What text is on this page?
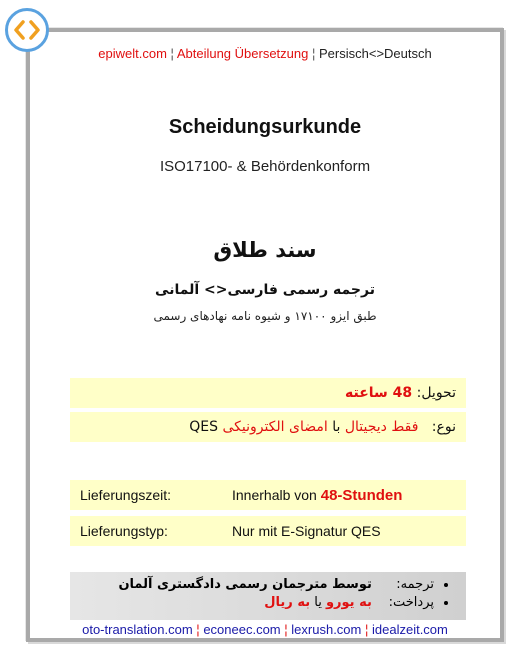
epiwelt.com ¦ Abteilung Übersetzung ¦ Persisch<>Deutsch
Scheidungsurkunde
ISO17100- & Behördenkonform
سند طلاق
ترجمه رسمی فارسی<> آلمانی
طبق ایزو ۱۷۱۰۰ و شیوه نامه نهادهای رسمی
تحویل:

48 ساعته
نوع:

فقط دیجیتال

با

امضای الکترونیکی

QES
Lieferungszeit:	Innerhalb von
48-Stunden
Lieferungstyp:	Nur mit E-Signatur QES
• ترجمه: توسط مترجمان رسمی دادگستری آلمان
• پرداخت: به یورو یا به ریال
oto-translation.com ¦ econeec.com ¦ lexrush.com ¦ idealzeit.com
